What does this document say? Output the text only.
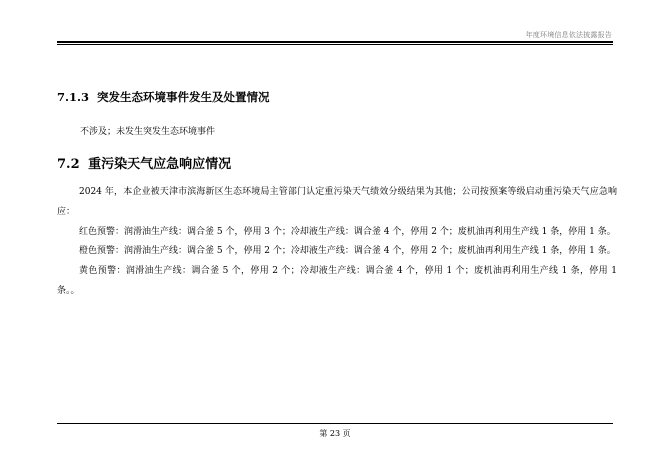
年度环境信息依法披露报告
7.1.3 突发生态环境事件发生及处置情况
不涉及；未发生突发生态环境事件
7.2 重污染天气应急响应情况

2024 年，本企业被天津市滨海新区生态环境局主管部门认定重污染天气绩效分级结果为其他；公司按预案等级启动重污染天气应急响应：

红色预警：润滑油生产线：调合釜 5 个，停用 3 个；冷却液生产线：调合釜 4 个，停用 2 个；废机油再利用生产线 1 条，停用 1 条。

橙色预警：润滑油生产线：调合釜 5 个，停用 2 个；冷却液生产线：调合釜 4 个，停用 2 个；废机油再利用生产线 1 条，停用 1 条。

黄色预警：润滑油生产线：调合釜 5 个，停用 2 个；冷却液生产线：调合釜 4 个，停用 1 个；废机油再利用生产线 1 条，停用 1 条。。

第 23 页
